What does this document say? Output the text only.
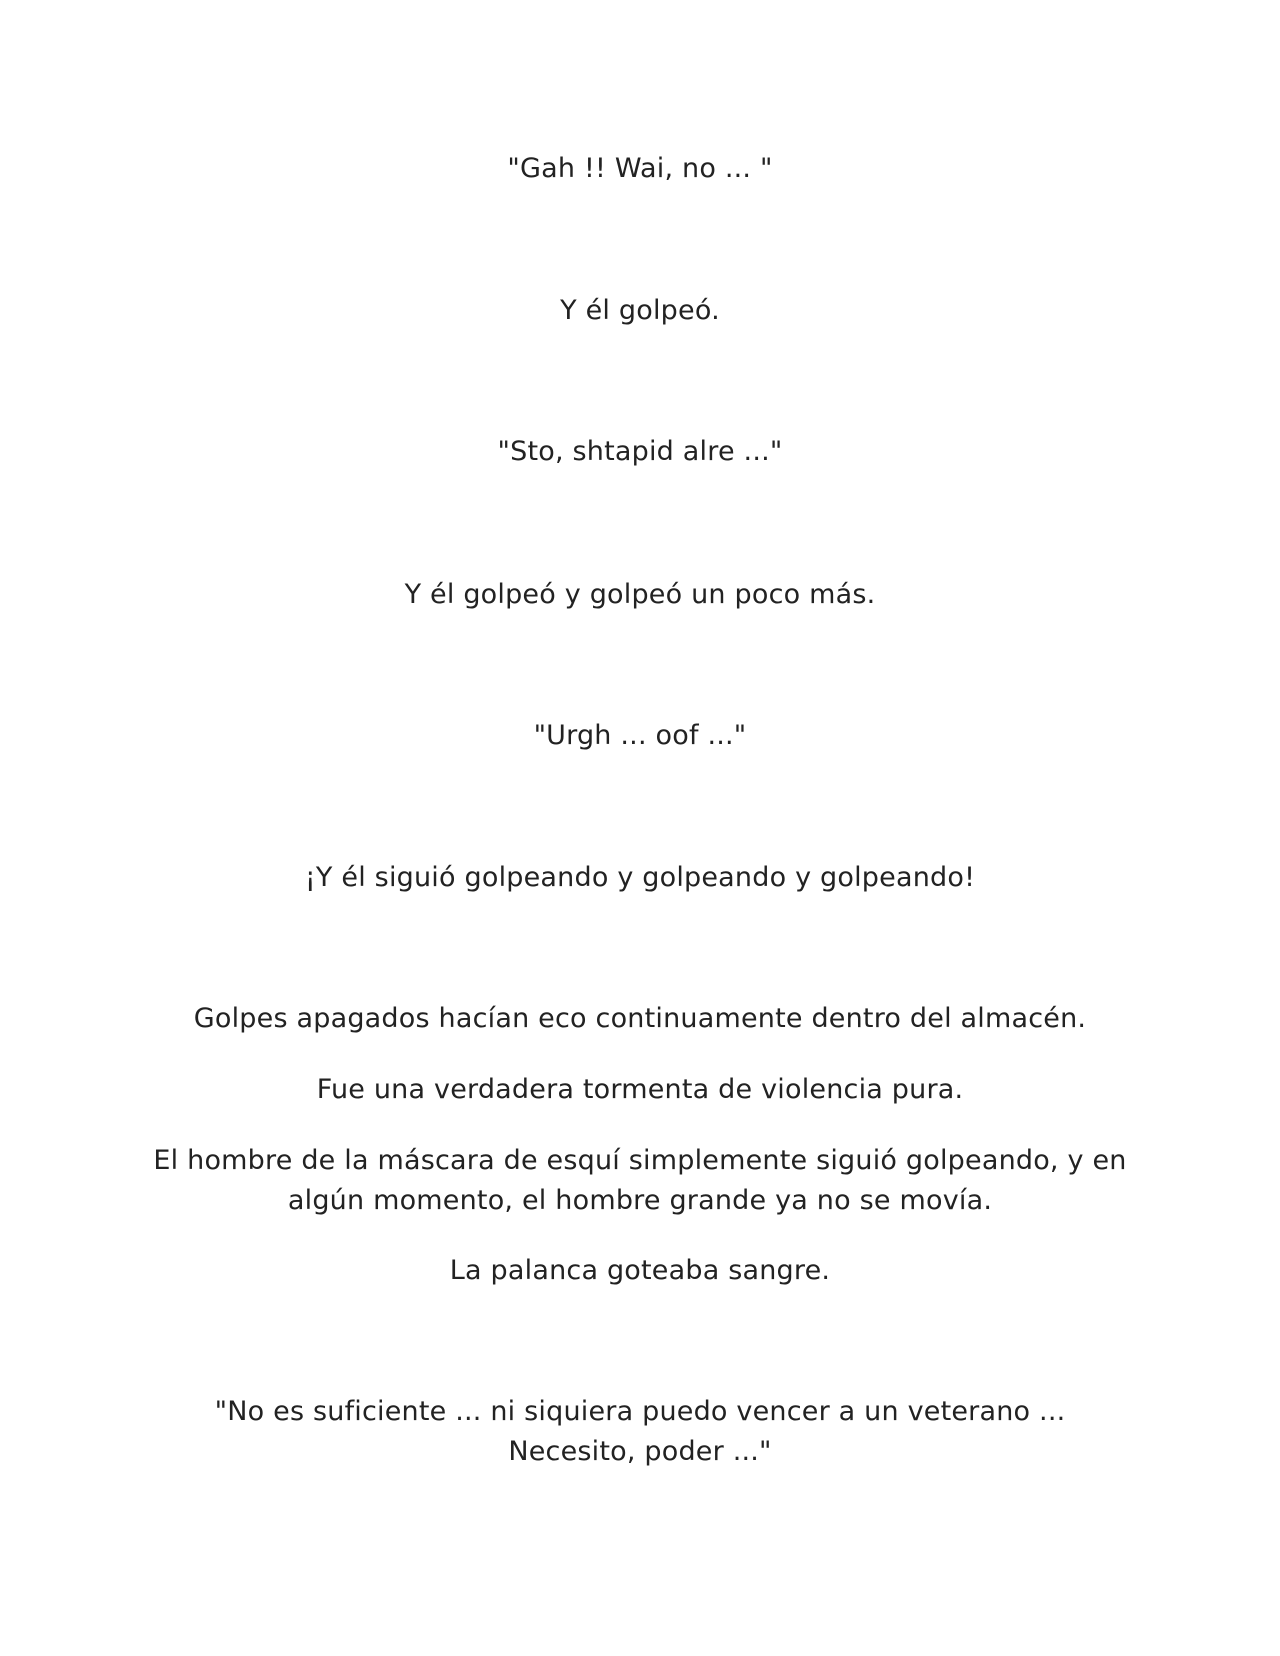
"Gah !! Wai, no ... "
Y él golpeó.
"Sto, shtapid alre ..."
Y él golpeó y golpeó un poco más.
"Urgh ... oof ..."
¡Y él siguió golpeando y golpeando y golpeando!
Golpes apagados hacían eco continuamente dentro del almacén.
Fue una verdadera tormenta de violencia pura.
El hombre de la máscara de esquí simplemente siguió golpeando, y en
algún momento, el hombre grande ya no se movía.
La palanca goteaba sangre.
"No es suficiente ... ni siquiera puedo vencer a un veterano ...
Necesito, poder ..."
